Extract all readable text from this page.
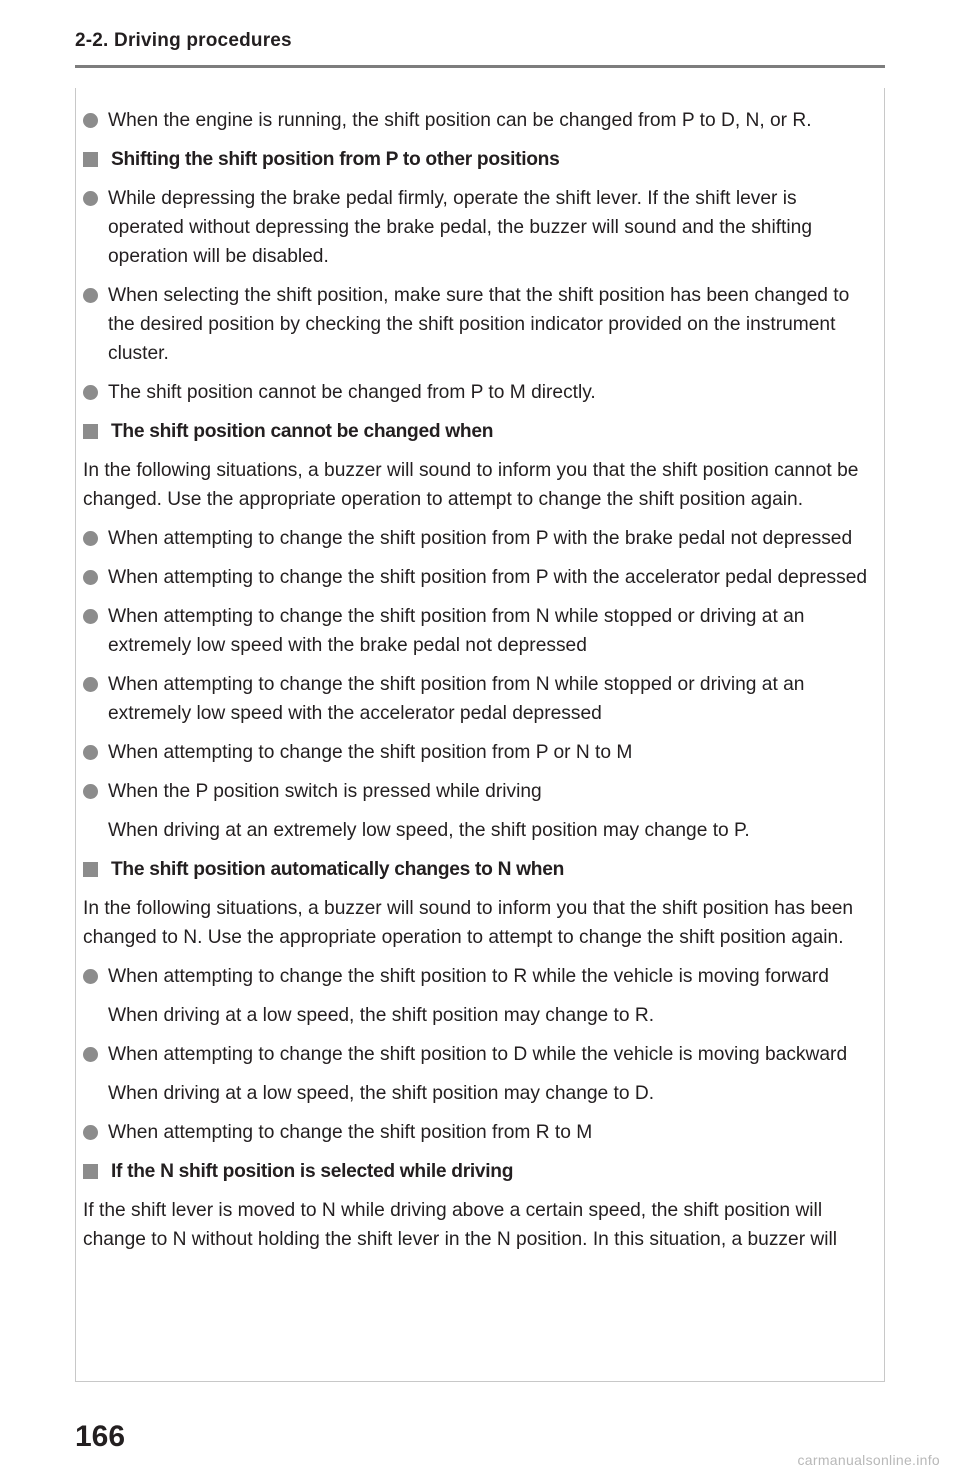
2-2. Driving procedures
When the engine is running, the shift position can be changed from P to D, N, or R.
Shifting the shift position from P to other positions
While depressing the brake pedal firmly, operate the shift lever. If the shift lever is operated without depressing the brake pedal, the buzzer will sound and the shifting operation will be disabled.
When selecting the shift position, make sure that the shift position has been changed to the desired position by checking the shift position indicator provided on the instrument cluster.
The shift position cannot be changed from P to M directly.
The shift position cannot be changed when
In the following situations, a buzzer will sound to inform you that the shift position cannot be changed. Use the appropriate operation to attempt to change the shift position again.
When attempting to change the shift position from P with the brake pedal not depressed
When attempting to change the shift position from P with the accelerator pedal depressed
When attempting to change the shift position from N while stopped or driving at an extremely low speed with the brake pedal not depressed
When attempting to change the shift position from N while stopped or driving at an extremely low speed with the accelerator pedal depressed
When attempting to change the shift position from P or N to M
When the P position switch is pressed while driving
When driving at an extremely low speed, the shift position may change to P.
The shift position automatically changes to N when
In the following situations, a buzzer will sound to inform you that the shift position has been changed to N. Use the appropriate operation to attempt to change the shift position again.
When attempting to change the shift position to R while the vehicle is moving forward
When driving at a low speed, the shift position may change to R.
When attempting to change the shift position to D while the vehicle is moving backward
When driving at a low speed, the shift position may change to D.
When attempting to change the shift position from R to M
If the N shift position is selected while driving
If the shift lever is moved to N while driving above a certain speed, the shift position will change to N without holding the shift lever in the N position. In this situation, a buzzer will
166
carmanualsonline.info
